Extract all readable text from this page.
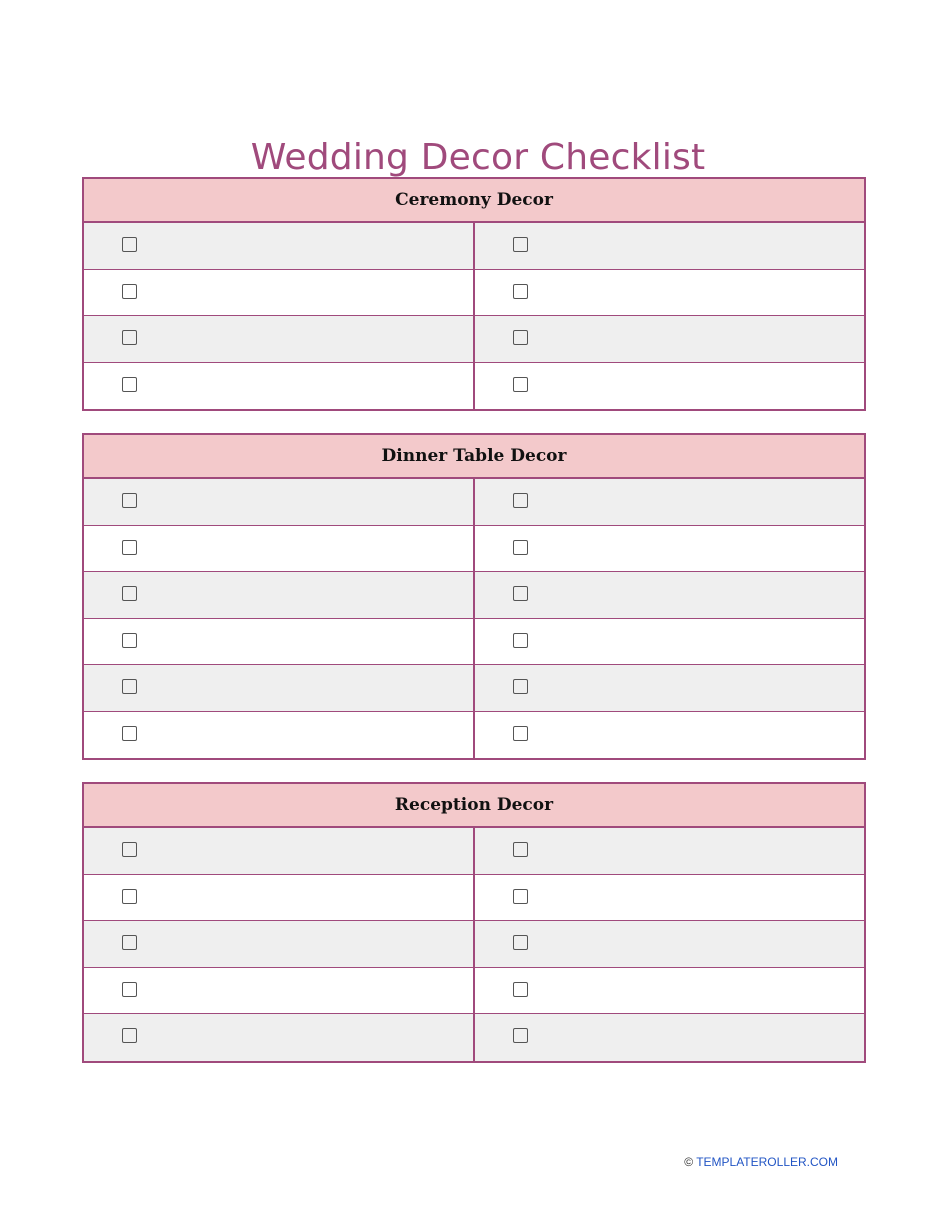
Wedding Decor Checklist
Ceremony Decor
Dinner Table Decor
Reception Decor
© TEMPLATEROLLER.COM
